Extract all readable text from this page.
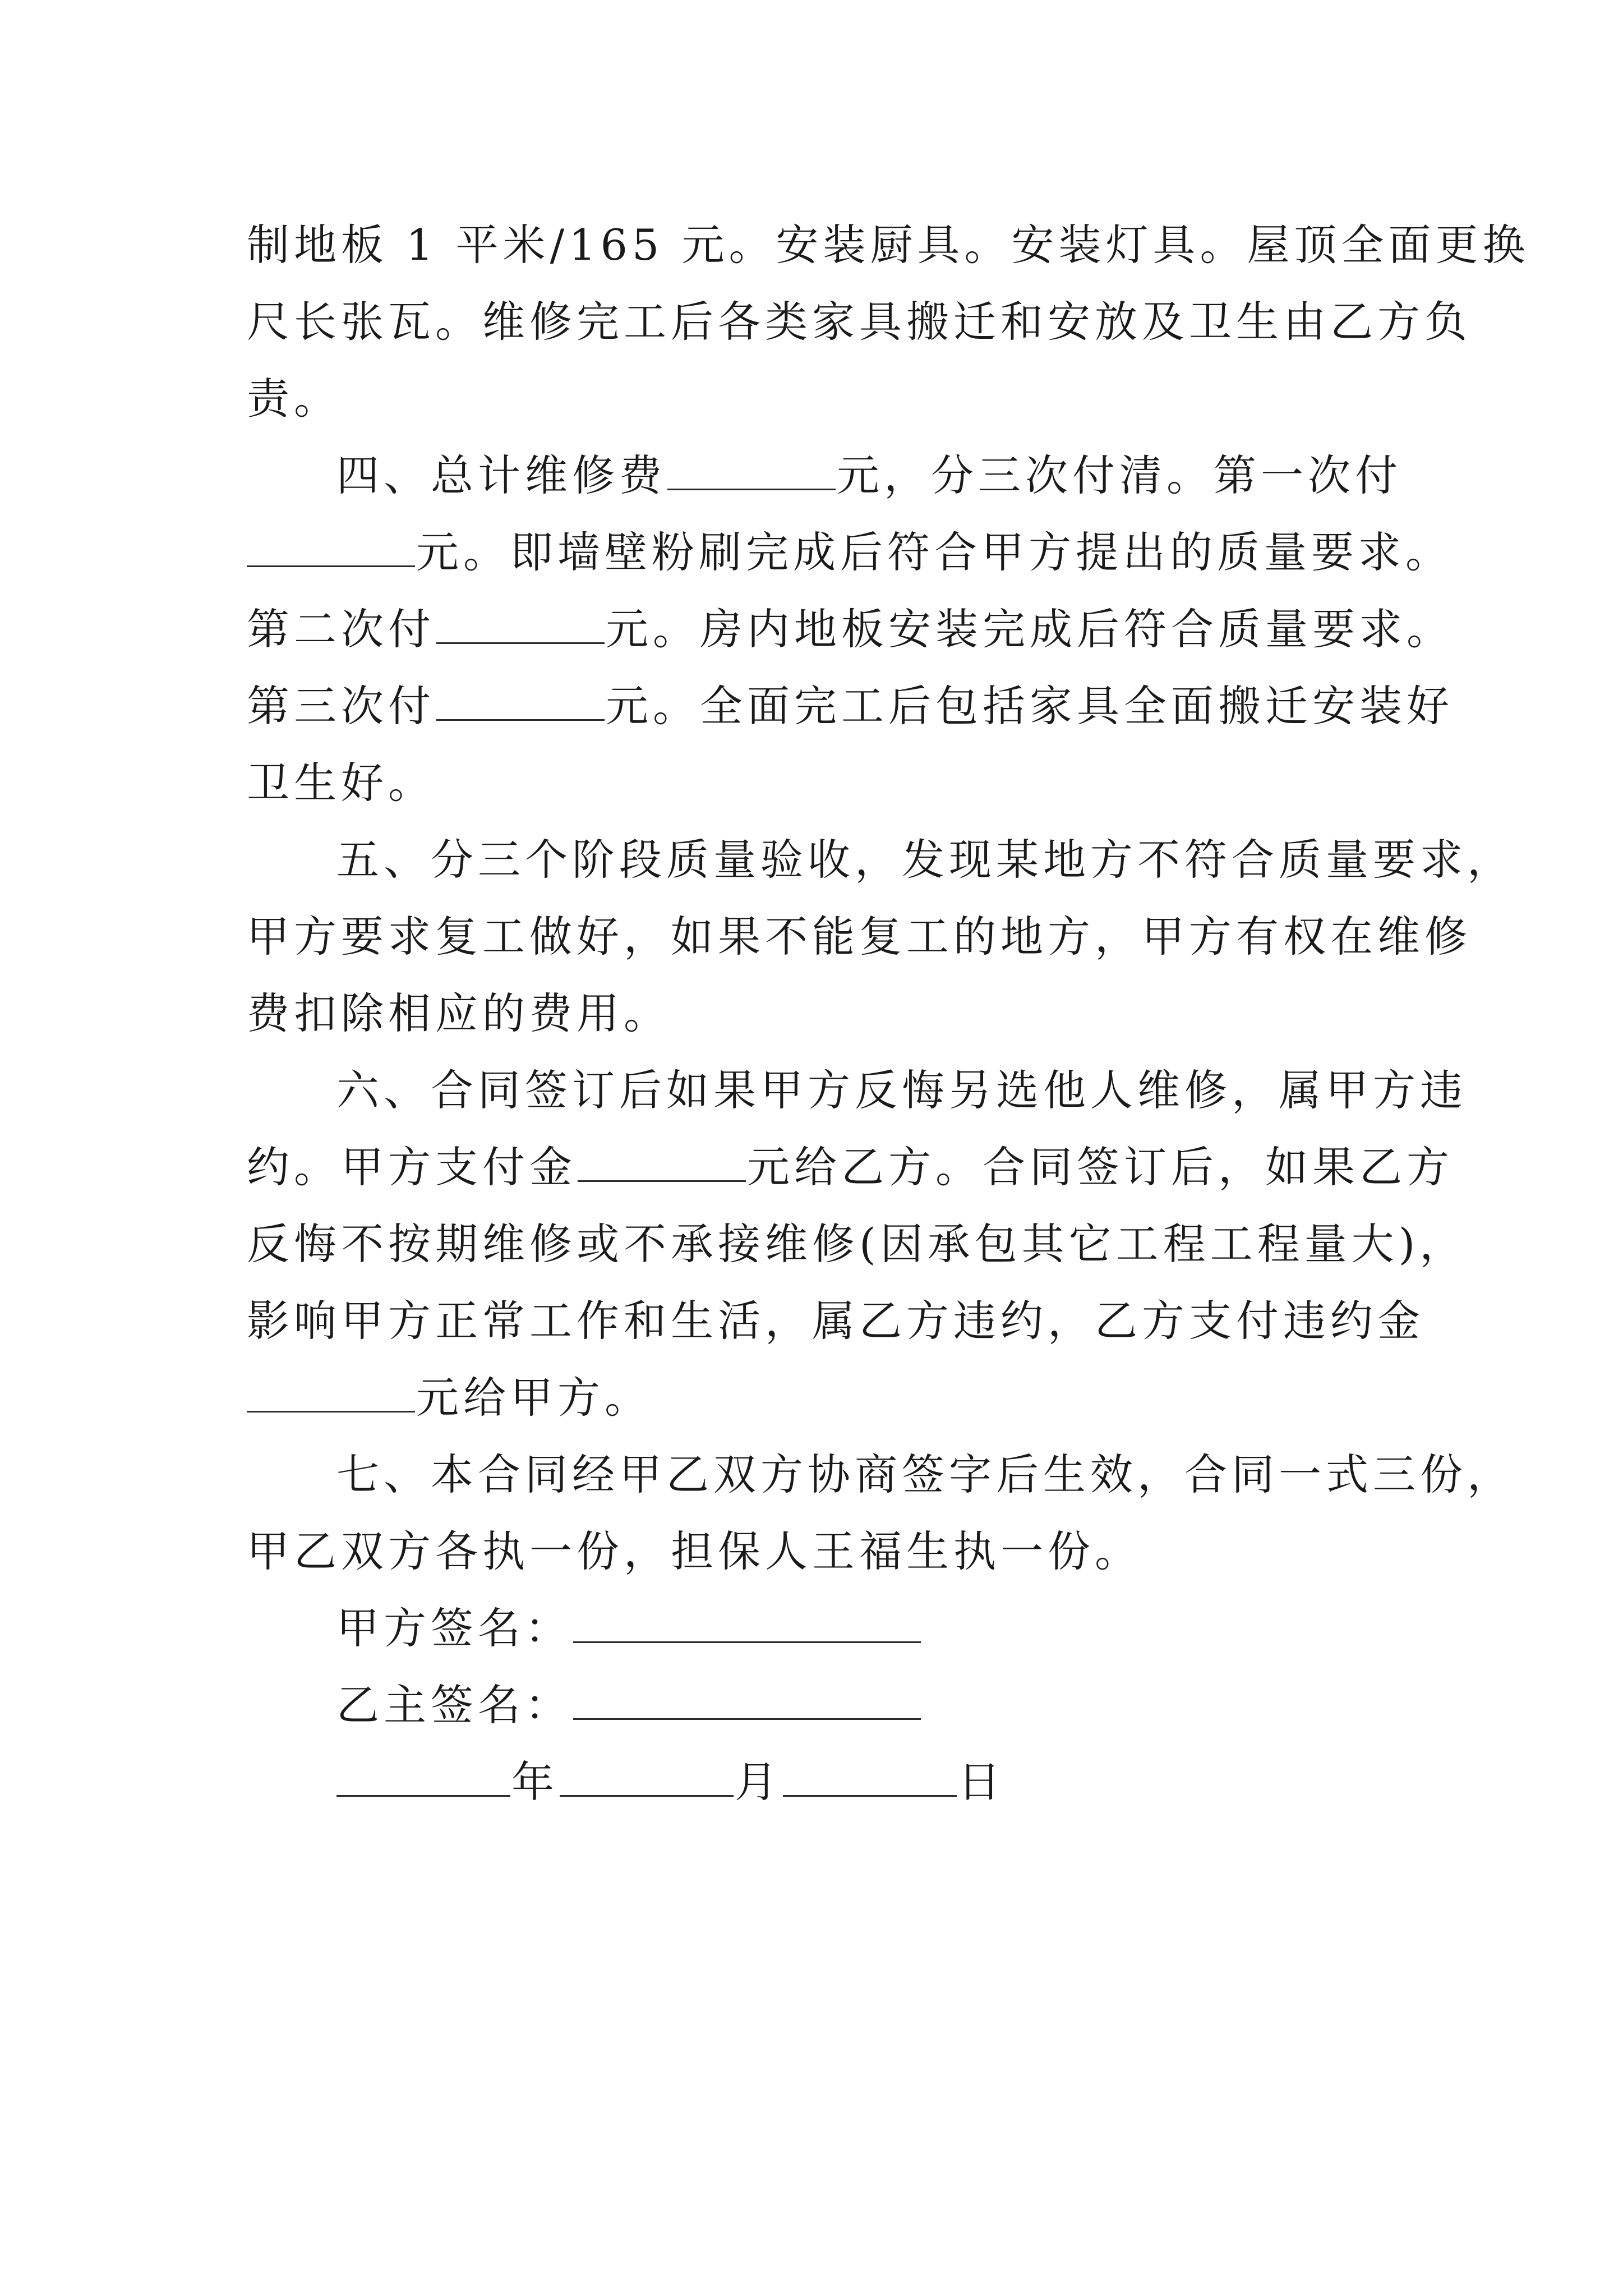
制地板 1 平米/165 元。安装厨具。安装灯具。屋顶全面更换
尺长张瓦。维修完工后各类家具搬迁和安放及卫生由乙方负
责。
四、总计维修费	元，分三次付清。第一次付
元。即墙壁粉刷完成后符合甲方提出的质量要求。
第二次付	元。房内地板安装完成后符合质量要求。
第三次付	元。全面完工后包括家具全面搬迁安装好
卫生好。
五、分三个阶段质量验收，发现某地方不符合质量要求，
甲方要求复工做好，如果不能复工的地方，甲方有权在维修
费扣除相应的费用。
六、合同签订后如果甲方反悔另选他人维修，属甲方违
约。甲方支付金	元给乙方。合同签订后，如果乙方
反悔不按期维修或不承接维修(因承包其它工程工程量大)，
影响甲方正常工作和生活，属乙方违约，乙方支付违约金
元给甲方。
七、本合同经甲乙双方协商签字后生效，合同一式三份，
甲乙双方各执一份，担保人王福生执一份。
甲方签名：
乙主签名：
年	月	日
